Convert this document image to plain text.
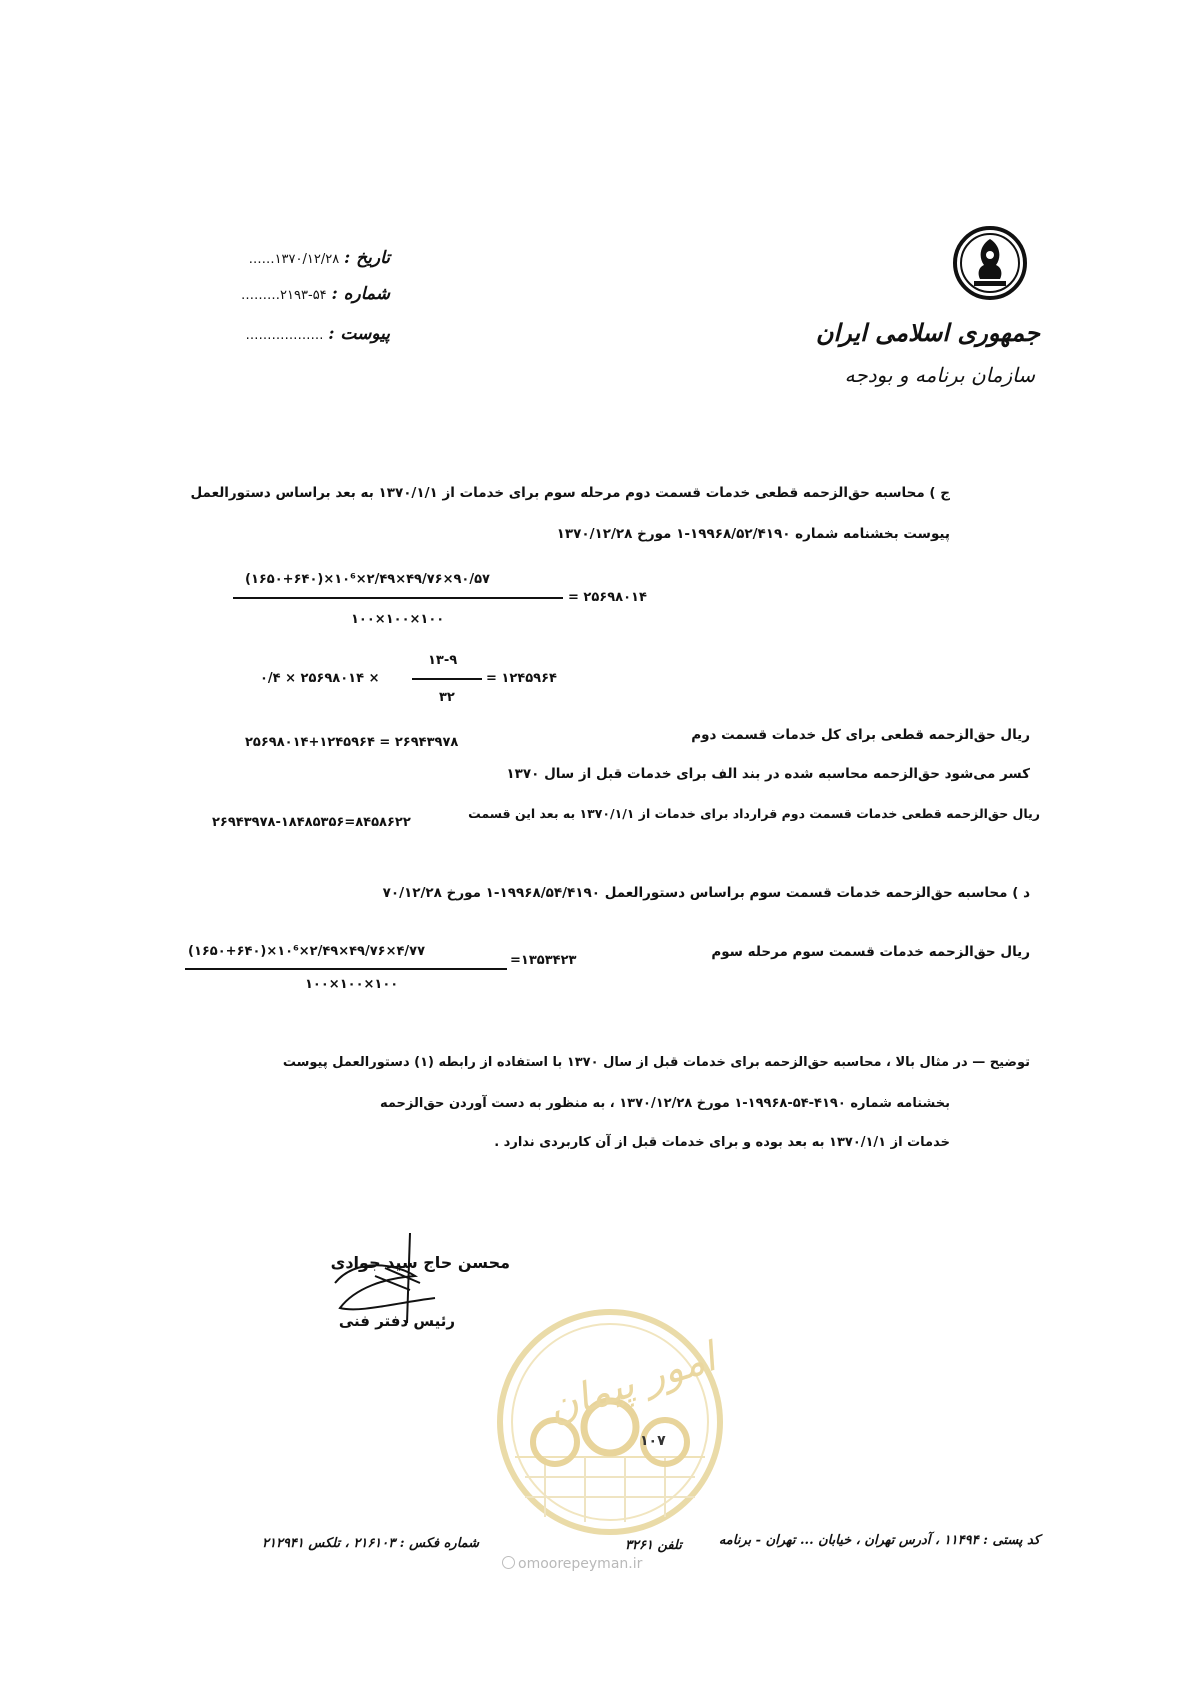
جمهوری اسلامی ایران
سازمان برنامه و بودجه
تاریخ : ۱۳۷۰/۱۲/۲۸……
شماره : ۵۴-۲۱۹۳………
پیوست : ………………
ج ) محاسبه حق‌الزحمه قطعی خدمات قسمت دوم مرحله سوم برای خدمات از ۱۳۷۰/۱/۱ به بعد براساس دستورالعمل
پیوست بخشنامه شماره ۱۹۹۶۸/۵۲/۴۱۹۰-۱ مورخ ۱۳۷۰/۱۲/۲۸
(۱۶۵۰+۶۴۰)×۱۰⁶×۲/۴۹×۴۹/۷۶×۹۰/۵۷
۱۰۰×۱۰۰×۱۰۰
= ۲۵۶۹۸۰۱۴
۰/۴ × ۲۵۶۹۸۰۱۴ ×
۱۳-۹
۳۲
= ۱۲۴۵۹۶۴
ریال حق‌الزحمه قطعی برای کل خدمات قسمت دوم
۲۵۶۹۸۰۱۴+۱۲۴۵۹۶۴ = ۲۶۹۴۳۹۷۸
کسر می‌شود حق‌الزحمه محاسبه شده در بند الف برای خدمات قبل از سال ۱۳۷۰
ریال حق‌الزحمه قطعی خدمات قسمت دوم قرارداد برای خدمات از ۱۳۷۰/۱/۱ به بعد این قسمت
۲۶۹۴۳۹۷۸-۱۸۴۸۵۳۵۶=۸۴۵۸۶۲۲
د ) محاسبه حق‌الزحمه خدمات قسمت سوم براساس دستورالعمل ۱۹۹۶۸/۵۴/۴۱۹۰-۱ مورخ ۷۰/۱۲/۲۸
ریال حق‌الزحمه خدمات قسمت سوم مرحله سوم
(۱۶۵۰+۶۴۰)×۱۰⁶×۲/۴۹×۴۹/۷۶×۴/۷۷
۱۰۰×۱۰۰×۱۰۰
=۱۳۵۳۴۲۳
توضیح — در مثال بالا ، محاسبه حق‌الزحمه برای خدمات قبل از سال ۱۳۷۰ با استفاده از رابطه (۱) دستورالعمل پیوست
بخشنامه شماره ۴۱۹۰-۵۴-۱۹۹۶۸-۱ مورخ ۱۳۷۰/۱۲/۲۸ ، به منظور به دست آوردن حق‌الزحمه
خدمات از ۱۳۷۰/۱/۱ به بعد بوده و برای خدمات قبل از آن کاربردی ندارد .
محسن حاج سید جوادی
رئیس دفتر فنی
امور پیمان
۱۰۷
omoorepeyman.ir
کد پستی : ۱۱۴۹۴ ، آدرس تهران ، خیابان ... تهران - برنامه
تلفن ۳۲۶۱
شماره فکس : ۲۱۶۱۰۳ ، تلکس ۲۱۲۹۴۱
